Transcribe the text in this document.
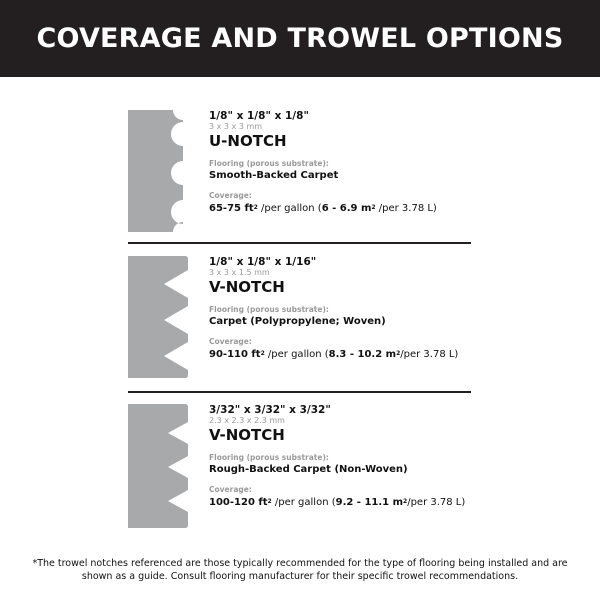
COVERAGE AND TROWEL OPTIONS
1/8" x 1/8" x 1/8"
3 x 3 x 3 mm
U-NOTCH
Flooring (porous substrate):
Smooth-Backed Carpet
Coverage:
65-75 $ft^2$ /per gallon (6 - 6.9 $m^2$ /per 3.78 L)
1/8" x 1/8" x 1/16"
3 x 3 x 1.5 mm
V-NOTCH
Flooring (porous substrate):
Carpet (Polypropylene; Woven)
Coverage:
90-110 $ft^2$ /per gallon (8.3 - 10.2 $m^2$/per 3.78 L)
3/32" x 3/32" x 3/32"
2.3 x 2.3 x 2.3 mm
V-NOTCH
Flooring (porous substrate):
Rough-Backed Carpet (Non-Woven)
Coverage:
100-120 $ft^2$ /per gallon (9.2 - 11.1 $m^2$/per 3.78 L)
*The trowel notches referenced are those typically recommended for the type of flooring being installed and are shown as a guide. Consult flooring manufacturer for their specific trowel recommendations.
